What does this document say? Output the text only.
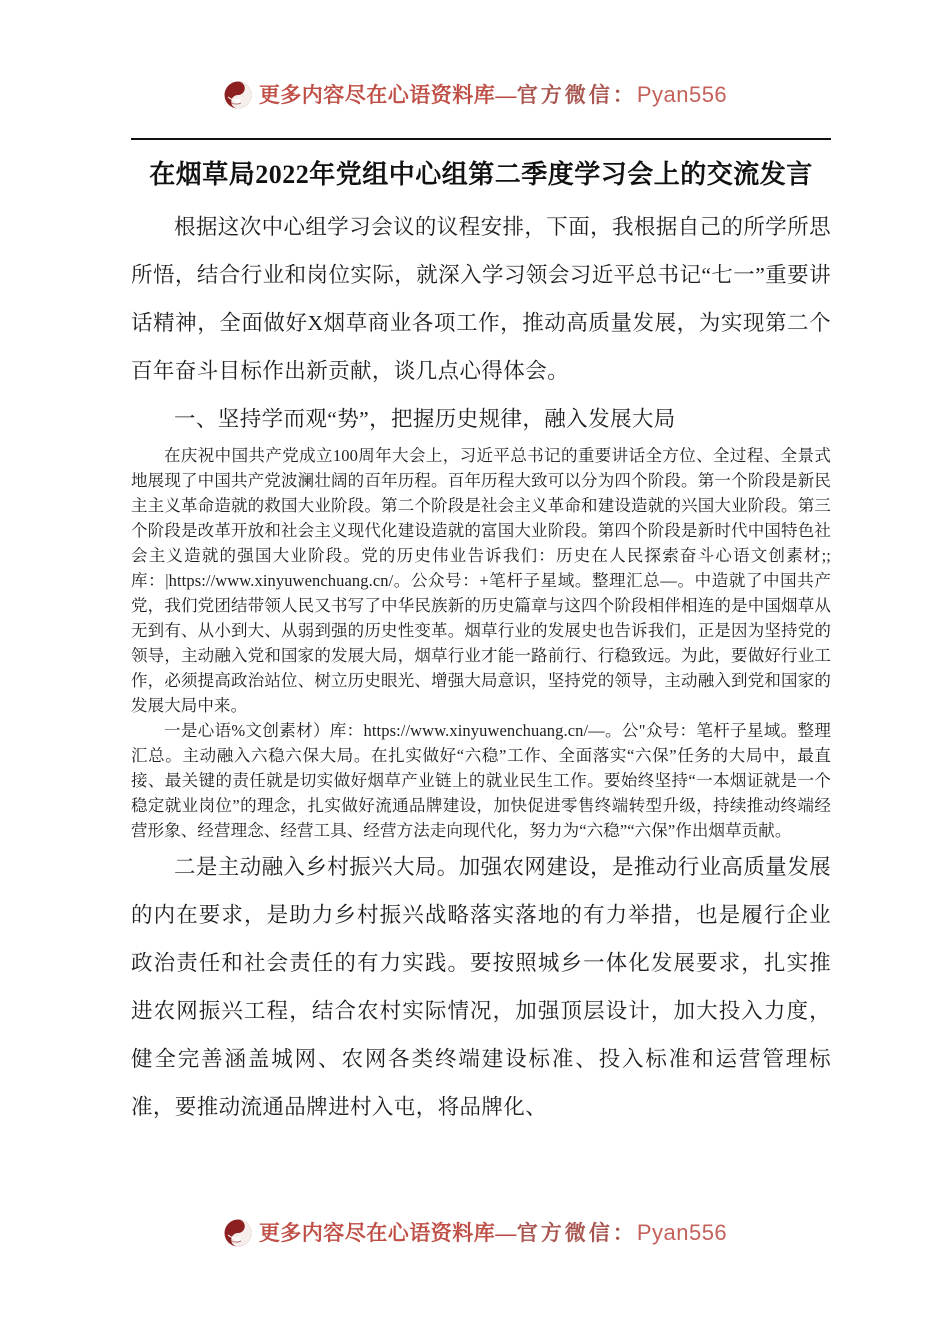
更多内容尽在心语资料库—官方微信：Pyan556
在烟草局2022年党组中心组第二季度学习会上的交流发言

根据这次中心组学习会议的议程安排，下面，我根据自己的所学所思所悟，结合行业和岗位实际，就深入学习领会习近平总书记“七一”重要讲话精神，全面做好X烟草商业各项工作，推动高质量发展，为实现第二个百年奋斗目标作出新贡献，谈几点心得体会。

一、坚持学而观“势”，把握历史规律，融入发展大局

在庆祝中国共产党成立100周年大会上，习近平总书记的重要讲话全方位、全过程、全景式地展现了中国共产党波澜壮阔的百年历程。百年历程大致可以分为四个阶段。第一个阶段是新民主主义革命造就的救国大业阶段。第二个阶段是社会主义革命和建设造就的兴国大业阶段。第三个阶段是改革开放和社会主义现代化建设造就的富国大业阶段。第四个阶段是新时代中国特色社会主义造就的强国大业阶段。党的历史伟业告诉我们：历史在人民探索奋斗心语文创素材;;库：|https://www.xinyuwenchuang.cn/。公众号：+笔杆子星域。整理汇总—。中造就了中国共产党，我们党团结带领人民又书写了中华民族新的历史篇章与这四个阶段相伴相连的是中国烟草从无到有、从小到大、从弱到强的历史性变革。烟草行业的发展史也告诉我们，正是因为坚持党的领导，主动融入党和国家的发展大局，烟草行业才能一路前行、行稳致远。为此，要做好行业工作，必须提高政治站位、树立历史眼光、增强大局意识，坚持党的领导，主动融入到党和国家的发展大局中来。

一是心语%文创素材）库：https://www.xinyuwenchuang.cn/—。公"众号：笔杆子星域。整理汇总。主动融入六稳六保大局。在扎实做好“六稳”工作、全面落实“六保”任务的大局中，最直接、最关键的责任就是切实做好烟草产业链上的就业民生工作。要始终坚持“一本烟证就是一个稳定就业岗位”的理念，扎实做好流通品牌建设，加快促进零售终端转型升级，持续推动终端经营形象、经营理念、经营工具、经营方法走向现代化，努力为“六稳”“六保”作出烟草贡献。

二是主动融入乡村振兴大局。加强农网建设，是推动行业高质量发展的内在要求，是助力乡村振兴战略落实落地的有力举措，也是履行企业政治责任和社会责任的有力实践。要按照城乡一体化发展要求，扎实推进农网振兴工程，结合农村实际情况，加强顶层设计，加大投入力度，健全完善涵盖城网、农网各类终端建设标准、投入标准和运营管理标准，要推动流通品牌进村入屯，将品牌化、

更多内容尽在心语资料库—官方微信：Pyan556
